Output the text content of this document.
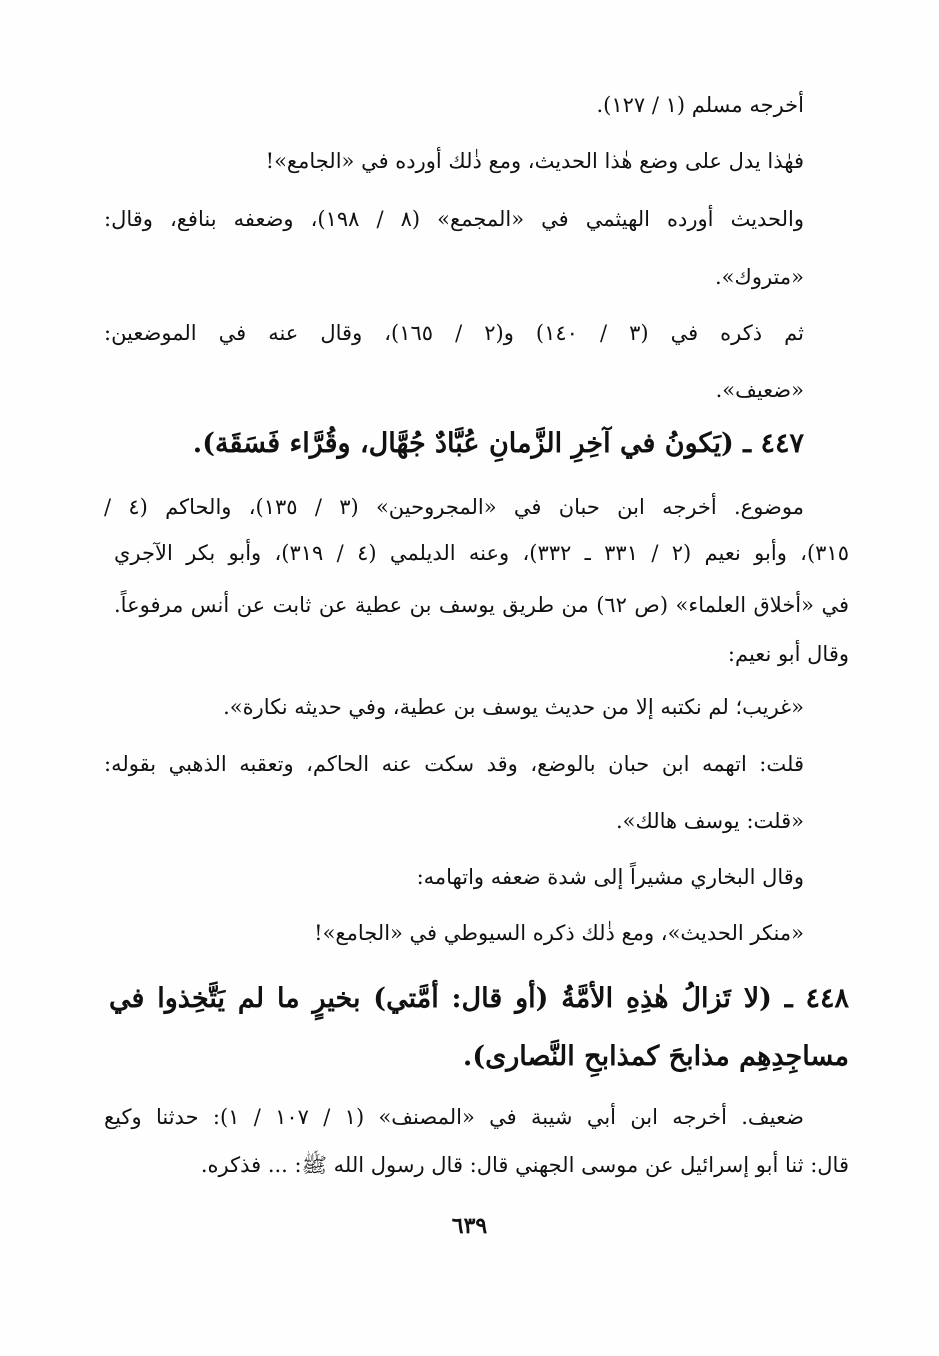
أخرجه مسلم (١ / ١٢٧).
فهٰذا يدل على وضع هٰذا الحديث، ومع ذٰلك أورده في «الجامع»!
والحديث أورده الهيثمي في «المجمع» (٨ / ١٩٨)، وضعفه بنافع، وقال:
«متروك».
ثم ذكره في (٣ / ١٤٠) و(٢ / ١٦٥)، وقال عنه في الموضعين:
«ضعيف».
٤٤٧ ـ (يَكونُ في آخِرِ الزَّمانِ عُبَّادٌ جُهَّال، وقُرَّاء فَسَقَة).
موضوع. أخرجه ابن حبان في «المجروحين» (٣ / ١٣٥)، والحاكم (٤ /
٣١٥)، وأبو نعيم (٢ / ٣٣١ ـ ٣٣٢)، وعنه الديلمي (٤ / ٣١٩)، وأبو بكر الآجري
في «أخلاق العلماء» (ص ٦٢) من طريق يوسف بن عطية عن ثابت عن أنس مرفوعاً.
وقال أبو نعيم:
«غريب؛ لم نكتبه إلا من حديث يوسف بن عطية، وفي حديثه نكارة».
قلت: اتهمه ابن حبان بالوضع، وقد سكت عنه الحاكم، وتعقبه الذهبي بقوله:
«قلت: يوسف هالك».
وقال البخاري مشيراً إلى شدة ضعفه واتهامه:
«منكر الحديث»، ومع ذٰلك ذكره السيوطي في «الجامع»!
٤٤٨ ـ (لا تَزالُ هٰذِهِ الأمَّةُ (أو قال: أمَّتي) بخيرٍ ما لم يَتَّخِذوا في
مساجِدِهِم مذابحَ كمذابحِ النَّصارى).
ضعيف. أخرجه ابن أبي شيبة في «المصنف» (١ / ١٠٧ / ١): حدثنا وكيع
قال: ثنا أبو إسرائيل عن موسى الجهني قال: قال رسول الله ﷺ: ... فذكره.
٦٣٩
